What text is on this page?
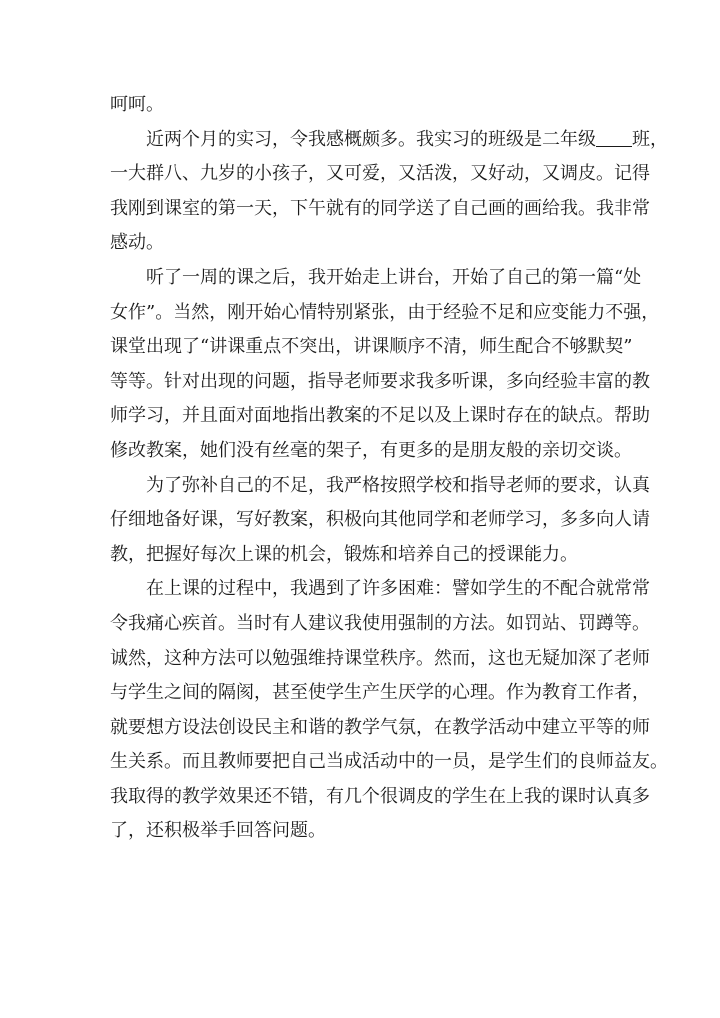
呵呵。
近两个月的实习，令我感概颇多。我实习的班级是二年级 班，
一大群八、九岁的小孩子，又可爱，又活泼，又好动，又调皮。记得
我刚到课室的第一天，下午就有的同学送了自己画的画给我。我非常
感动。
听了一周的课之后，我开始走上讲台，开始了自己的第一篇“处
女作”。当然，刚开始心情特别紧张，由于经验不足和应变能力不强，
课堂出现了“讲课重点不突出，讲课顺序不清，师生配合不够默契”
等等。针对出现的问题，指导老师要求我多听课，多向经验丰富的教
师学习，并且面对面地指出教案的不足以及上课时存在的缺点。帮助
修改教案，她们没有丝毫的架子，有更多的是朋友般的亲切交谈。
为了弥补自己的不足，我严格按照学校和指导老师的要求，认真
仔细地备好课，写好教案，积极向其他同学和老师学习，多多向人请
教，把握好每次上课的机会，锻炼和培养自己的授课能力。
在上课的过程中，我遇到了许多困难：譬如学生的不配合就常常
令我痛心疾首。当时有人建议我使用强制的方法。如罚站、罚蹲等。
诚然，这种方法可以勉强维持课堂秩序。然而，这也无疑加深了老师
与学生之间的隔阂，甚至使学生产生厌学的心理。作为教育工作者，
就要想方设法创设民主和谐的教学气氛，在教学活动中建立平等的师
生关系。而且教师要把自己当成活动中的一员，是学生们的良师益友。
我取得的教学效果还不错，有几个很调皮的学生在上我的课时认真多
了，还积极举手回答问题。
